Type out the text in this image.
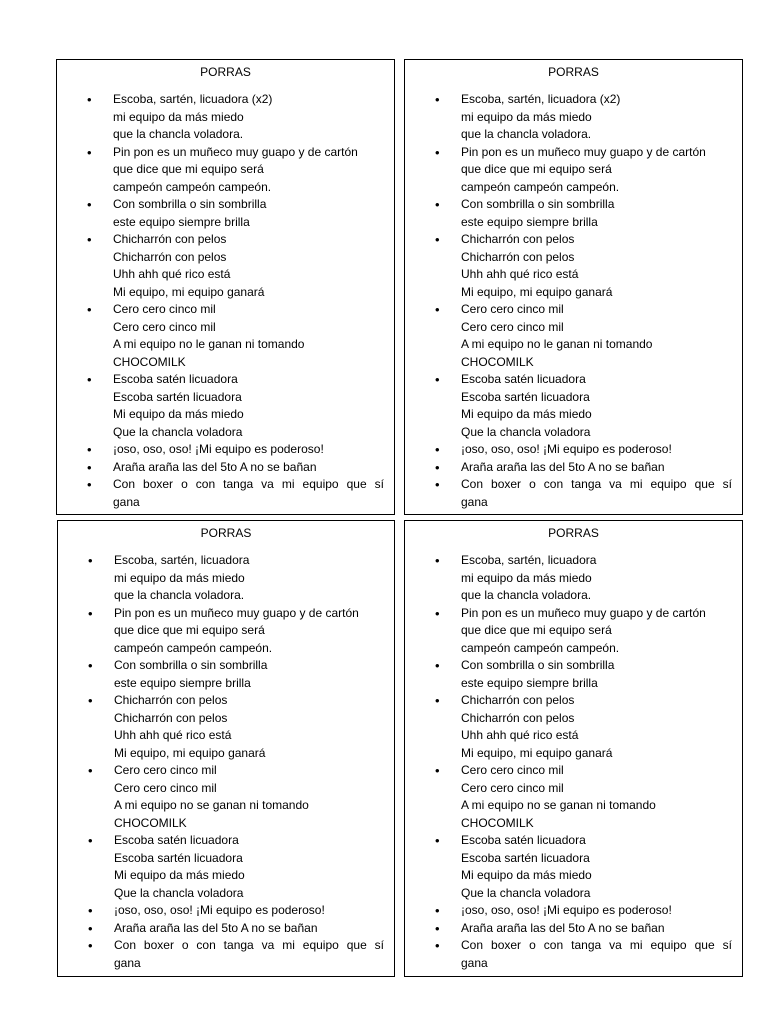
PORRAS
• Escoba, sartén, licuadora (x2)
mi equipo da más miedo
que la chancla voladora.
• Pin pon es un muñeco muy guapo y de cartón
que dice que mi equipo será
campeón campeón campeón.
• Con sombrilla o sin sombrilla
este equipo siempre brilla
• Chicharrón con pelos
Chicharrón con pelos
Uhh ahh qué rico está
Mi equipo, mi equipo ganará
• Cero cero cinco mil
Cero cero cinco mil
A mi equipo no le ganan ni tomando
CHOCOMILK
• Escoba satén licuadora
Escoba sartén licuadora
Mi equipo da más miedo
Que la chancla voladora
• ¡oso, oso, oso! ¡Mi equipo es poderoso!
• Araña araña las del 5to A no se bañan
• Con boxer o con tanga va mi equipo que sí
gana
PORRAS
• Escoba, sartén, licuadora (x2)
mi equipo da más miedo
que la chancla voladora.
• Pin pon es un muñeco muy guapo y de cartón
que dice que mi equipo será
campeón campeón campeón.
• Con sombrilla o sin sombrilla
este equipo siempre brilla
• Chicharrón con pelos
Chicharrón con pelos
Uhh ahh qué rico está
Mi equipo, mi equipo ganará
• Cero cero cinco mil
Cero cero cinco mil
A mi equipo no le ganan ni tomando
CHOCOMILK
• Escoba satén licuadora
Escoba sartén licuadora
Mi equipo da más miedo
Que la chancla voladora
• ¡oso, oso, oso! ¡Mi equipo es poderoso!
• Araña araña las del 5to A no se bañan
• Con boxer o con tanga va mi equipo que sí
gana
PORRAS
• Escoba, sartén, licuadora
mi equipo da más miedo
que la chancla voladora.
• Pin pon es un muñeco muy guapo y de cartón
que dice que mi equipo será
campeón campeón campeón.
• Con sombrilla o sin sombrilla
este equipo siempre brilla
• Chicharrón con pelos
Chicharrón con pelos
Uhh ahh qué rico está
Mi equipo, mi equipo ganará
• Cero cero cinco mil
Cero cero cinco mil
A mi equipo no se ganan ni tomando
CHOCOMILK
• Escoba satén licuadora
Escoba sartén licuadora
Mi equipo da más miedo
Que la chancla voladora
• ¡oso, oso, oso! ¡Mi equipo es poderoso!
• Araña araña las del 5to A no se bañan
• Con boxer o con tanga va mi equipo que sí
gana
PORRAS
• Escoba, sartén, licuadora
mi equipo da más miedo
que la chancla voladora.
• Pin pon es un muñeco muy guapo y de cartón
que dice que mi equipo será
campeón campeón campeón.
• Con sombrilla o sin sombrilla
este equipo siempre brilla
• Chicharrón con pelos
Chicharrón con pelos
Uhh ahh qué rico está
Mi equipo, mi equipo ganará
• Cero cero cinco mil
Cero cero cinco mil
A mi equipo no se ganan ni tomando
CHOCOMILK
• Escoba satén licuadora
Escoba sartén licuadora
Mi equipo da más miedo
Que la chancla voladora
• ¡oso, oso, oso! ¡Mi equipo es poderoso!
• Araña araña las del 5to A no se bañan
• Con boxer o con tanga va mi equipo que sí
gana
